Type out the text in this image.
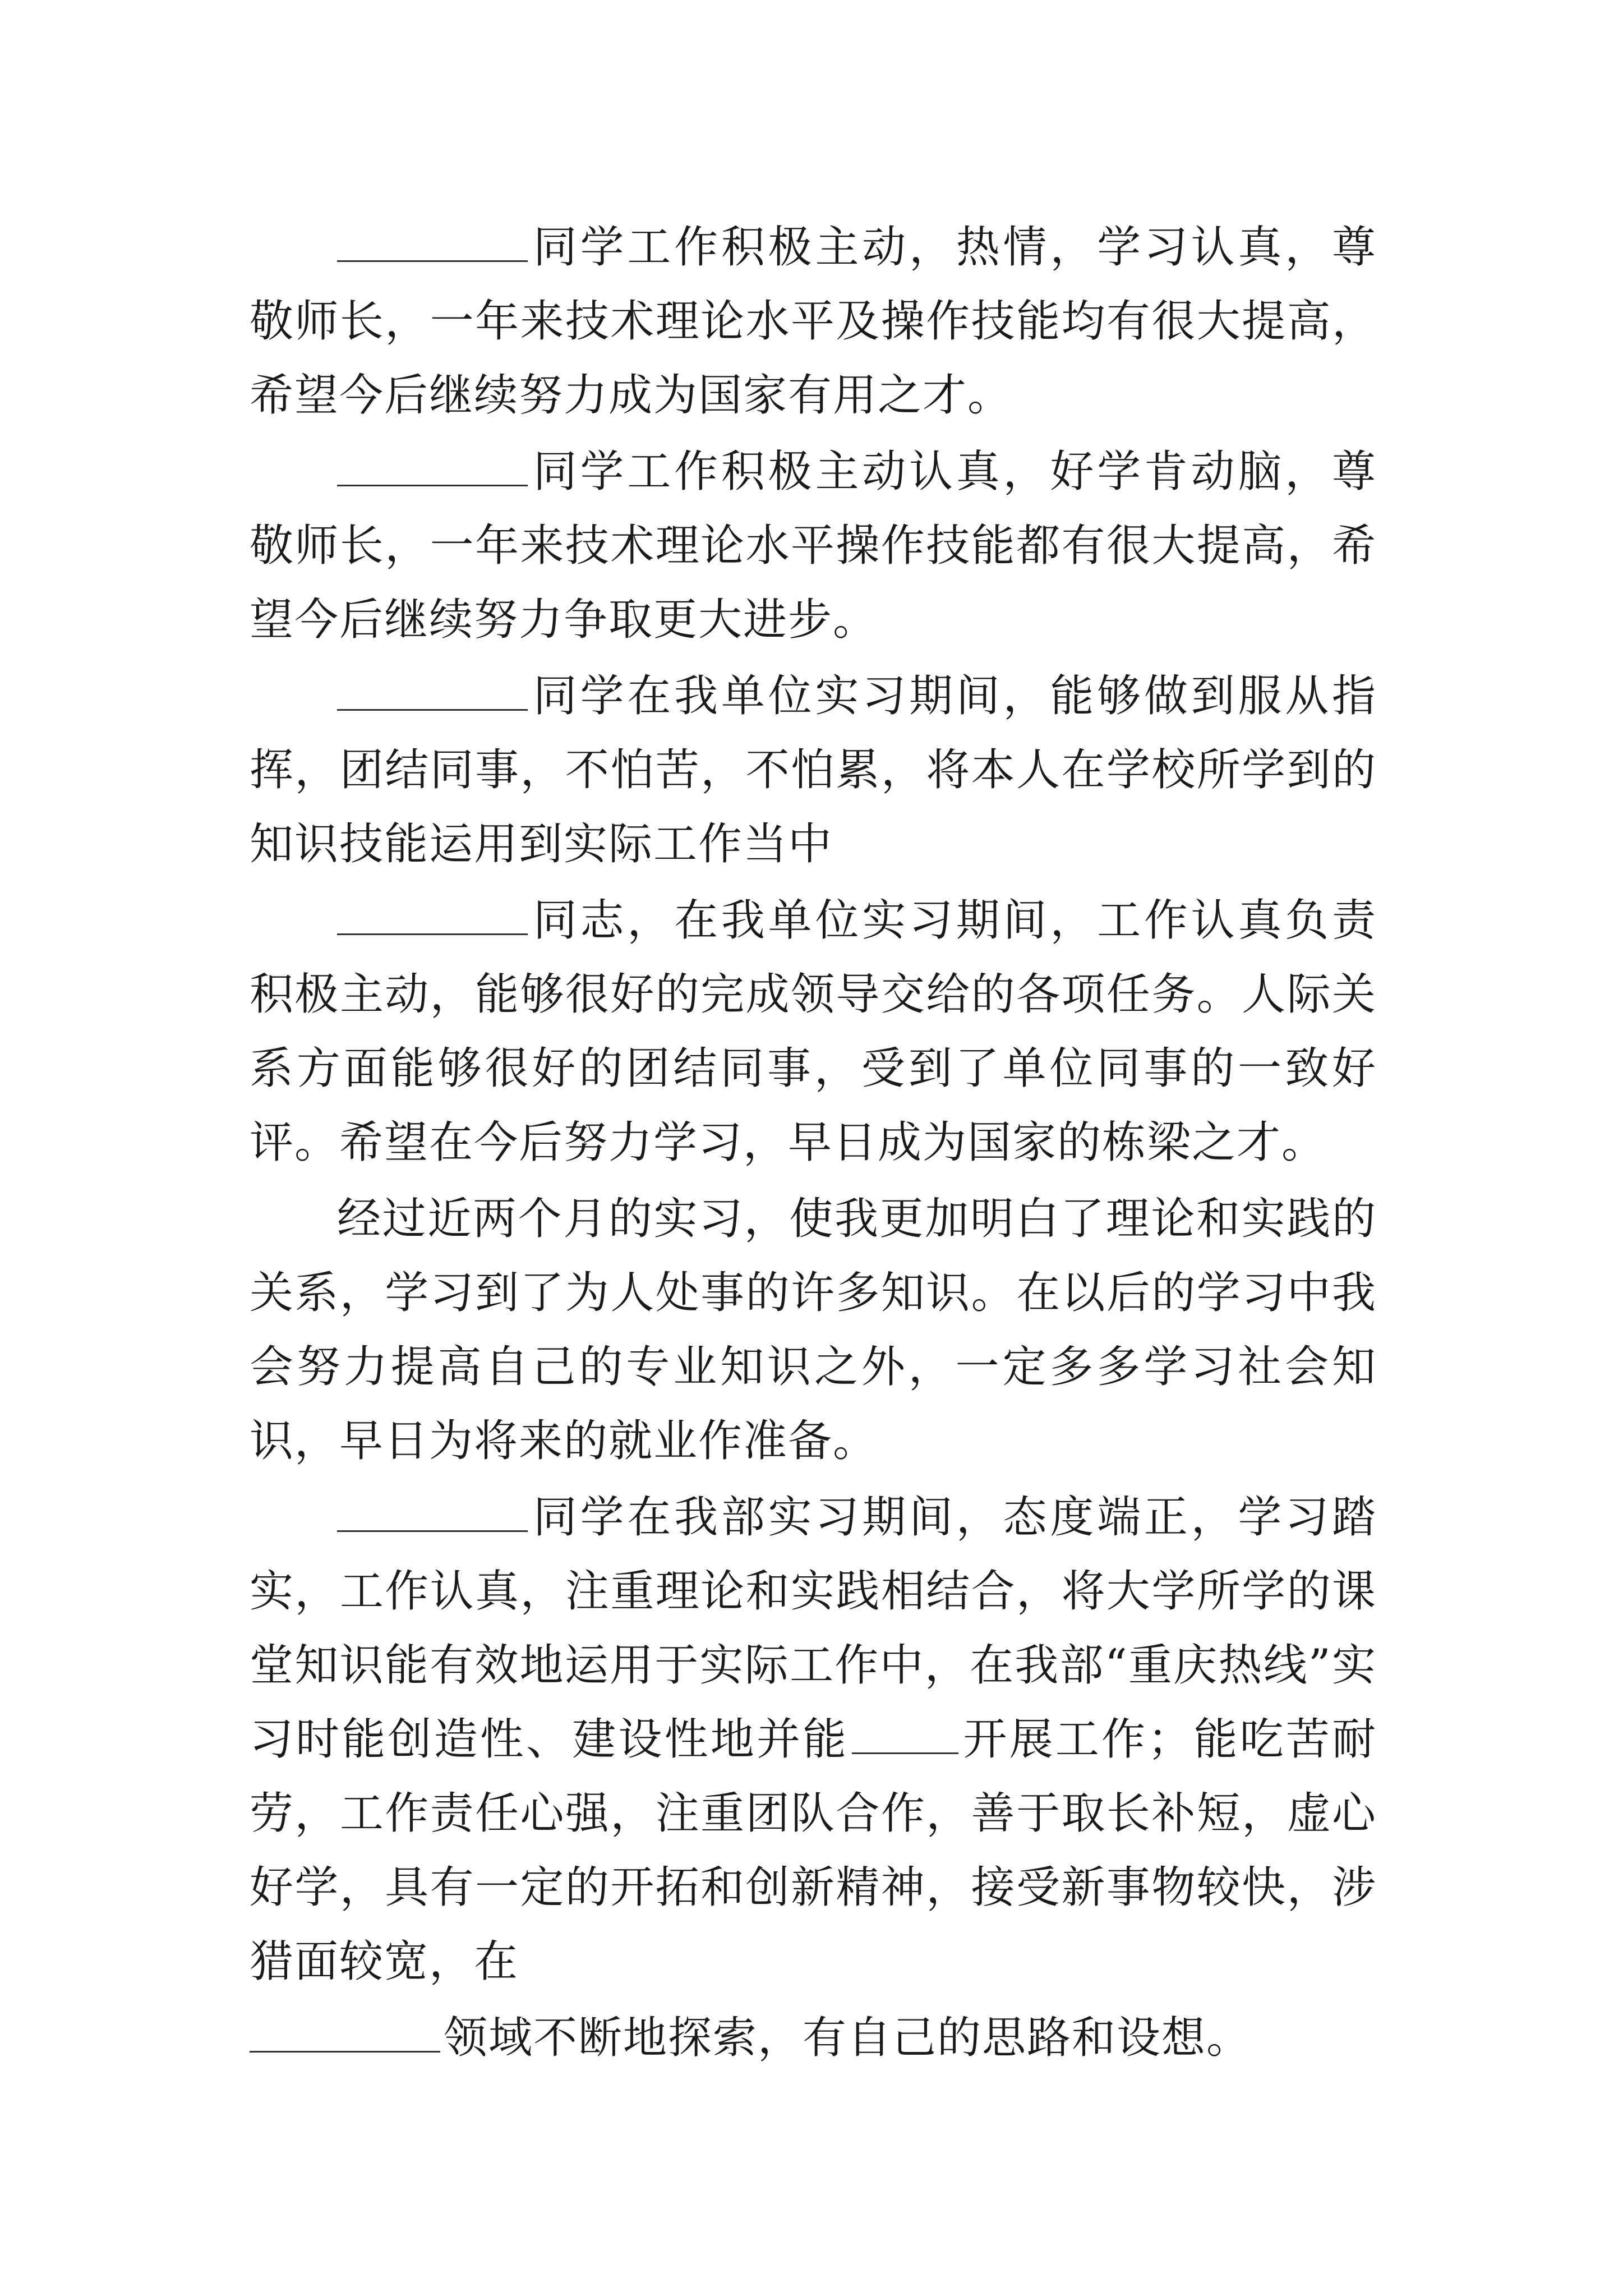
同学工作积极主动，热情，学习认真，尊敬师长，一年来技术理论水平及操作技能均有很大提高，希望今后继续努力成为国家有用之才。

同学工作积极主动认真，好学肯动脑，尊敬师长，一年来技术理论水平操作技能都有很大提高，希望今后继续努力争取更大进步。

同学在我单位实习期间，能够做到服从指挥，团结同事，不怕苦，不怕累，将本人在学校所学到的知识技能运用到实际工作当中

同志，在我单位实习期间，工作认真负责积极主动，能够很好的完成领导交给的各项任务。人际关系方面能够很好的团结同事，受到了单位同事的一致好评。希望在今后努力学习，早日成为国家的栋梁之才。

经过近两个月的实习，使我更加明白了理论和实践的关系，学习到了为人处事的许多知识。在以后的学习中我会努力提高自己的专业知识之外，一定多多学习社会知识，早日为将来的就业作准备。

同学在我部实习期间，态度端正，学习踏实，工作认真，注重理论和实践相结合，将大学所学的课堂知识能有效地运用于实际工作中，在我部“重庆热线”实习时能创造性、建设性地并能	开展工作；能吃苦耐劳，工作责任心强，注重团队合作，善于取长补短，虚心好学，具有一定的开拓和创新精神，接受新事物较快，涉猎面较宽，在

领域不断地探索，有自己的思路和设想。
